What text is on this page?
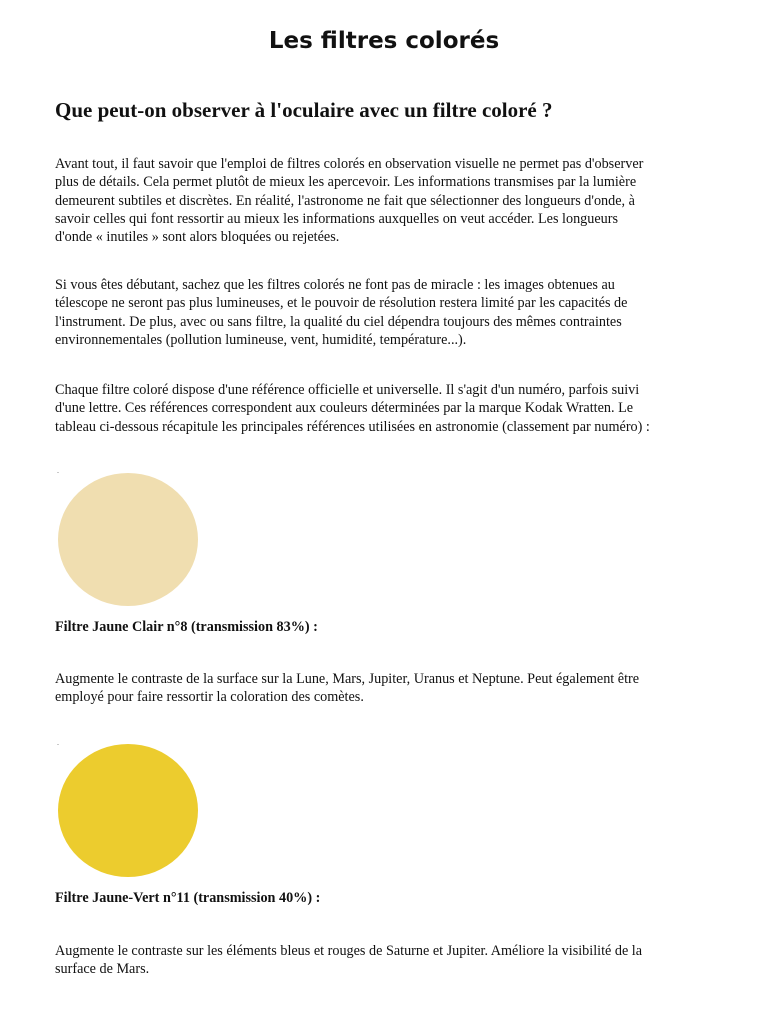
Les filtres colorés
Que peut-on observer à l'oculaire avec un filtre coloré ?

Avant tout, il faut savoir que l'emploi de filtres colorés en observation visuelle ne permet pas d'observer
plus de détails. Cela permet plutôt de mieux les apercevoir. Les informations transmises par la lumière
demeurent subtiles et discrètes. En réalité, l'astronome ne fait que sélectionner des longueurs d'onde, à
savoir celles qui font ressortir au mieux les informations auxquelles on veut accéder. Les longueurs
d'onde « inutiles » sont alors bloquées ou rejetées.

Si vous êtes débutant, sachez que les filtres colorés ne font pas de miracle : les images obtenues au
télescope ne seront pas plus lumineuses, et le pouvoir de résolution restera limité par les capacités de
l'instrument. De plus, avec ou sans filtre, la qualité du ciel dépendra toujours des mêmes contraintes
environnementales (pollution lumineuse, vent, humidité, température...).

Chaque filtre coloré dispose d'une référence officielle et universelle. Il s'agit d'un numéro, parfois suivi
d'une lettre. Ces références correspondent aux couleurs déterminées par la marque Kodak Wratten. Le
tableau ci-dessous récapitule les principales références utilisées en astronomie (classement par numéro) :

.

Filtre Jaune Clair n°8 (transmission 83%) :

Augmente le contraste de la surface sur la Lune, Mars, Jupiter, Uranus et Neptune. Peut également être
employé pour faire ressortir la coloration des comètes.

.

Filtre Jaune-Vert n°11 (transmission 40%) :

Augmente le contraste sur les éléments bleus et rouges de Saturne et Jupiter. Améliore la visibilité de la
surface de Mars.
